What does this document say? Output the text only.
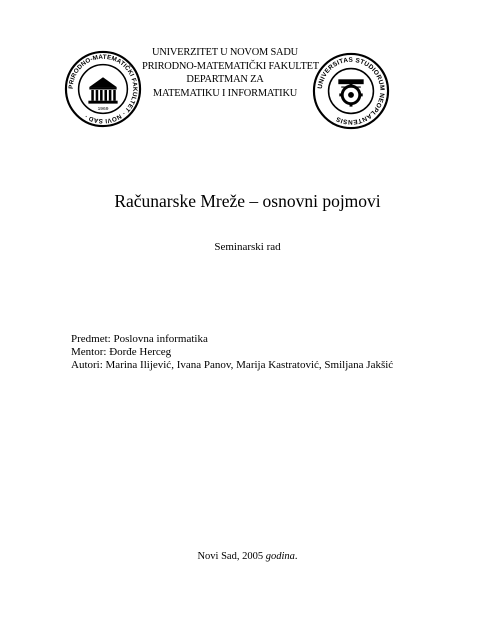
PRIRODNO-MATEMATIČKI FAKULTET · NOVI SAD ·
1969
UNIVERZITET U NOVOM SADU
PRIRODNO-MATEMATIČKI FAKULTET
DEPARTMAN ZA
MATEMATIKU I INFORMATIKU
UNIVERSITAS STUDIORUM NEOPLANTENSIS
Računarske Mreže – osnovni pojmovi
Seminarski rad
Predmet: Poslovna informatika
Mentor: Đorđe Herceg
Autori: Marina Ilijević, Ivana Panov, Marija Kastratović, Smiljana Jakšić
Novi Sad, 2005 godina.
